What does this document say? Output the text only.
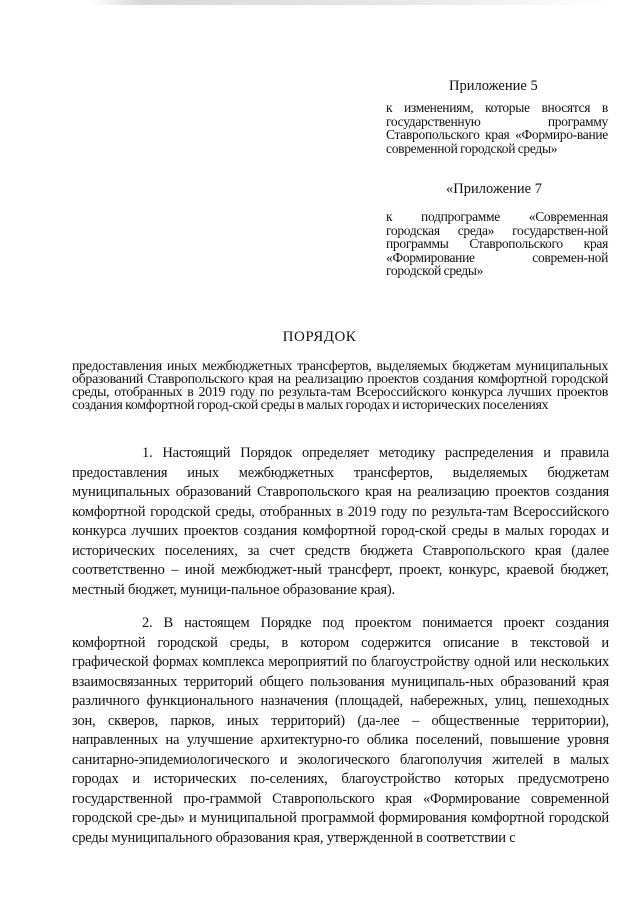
Приложение 5
к изменениям, которые вносятся в государственную программу Ставропольского края «Формиро-вание современной городской среды»
«Приложение 7
к подпрограмме «Современная городская среда» государствен-ной программы Ставропольского края «Формирование современ-ной городской среды»
ПОРЯДОК
предоставления иных межбюджетных трансфертов, выделяемых бюджетам муниципальных образований Ставропольского края на реализацию проектов создания комфортной городской среды, отобранных в 2019 году по результа-там Всероссийского конкурса лучших проектов создания комфортной город-ской среды в малых городах и исторических поселениях
1. Настоящий Порядок определяет методику распределения и правила предоставления иных межбюджетных трансфертов, выделяемых бюджетам муниципальных образований Ставропольского края на реализацию проектов создания комфортной городской среды, отобранных в 2019 году по результа-там Всероссийского конкурса лучших проектов создания комфортной город-ской среды в малых городах и исторических поселениях, за счет средств бюджета Ставропольского края (далее соответственно – иной межбюджет-ный трансферт, проект, конкурс, краевой бюджет, местный бюджет, муници-пальное образование края).
2. В настоящем Порядке под проектом понимается проект создания комфортной городской среды, в котором содержится описание в текстовой и графической формах комплекса мероприятий по благоустройству одной или нескольких взаимосвязанных территорий общего пользования муниципаль-ных образований края различного функционального назначения (площадей, набережных, улиц, пешеходных зон, скверов, парков, иных территорий) (да-лее – общественные территории), направленных на улучшение архитектурно-го облика поселений, повышение уровня санитарно-эпидемиологического и экологического благополучия жителей в малых городах и исторических по-селениях, благоустройство которых предусмотрено государственной про-граммой Ставропольского края «Формирование современной городской сре-ды» и муниципальной программой формирования комфортной городской среды муниципального образования края, утвержденной в соответствии с
